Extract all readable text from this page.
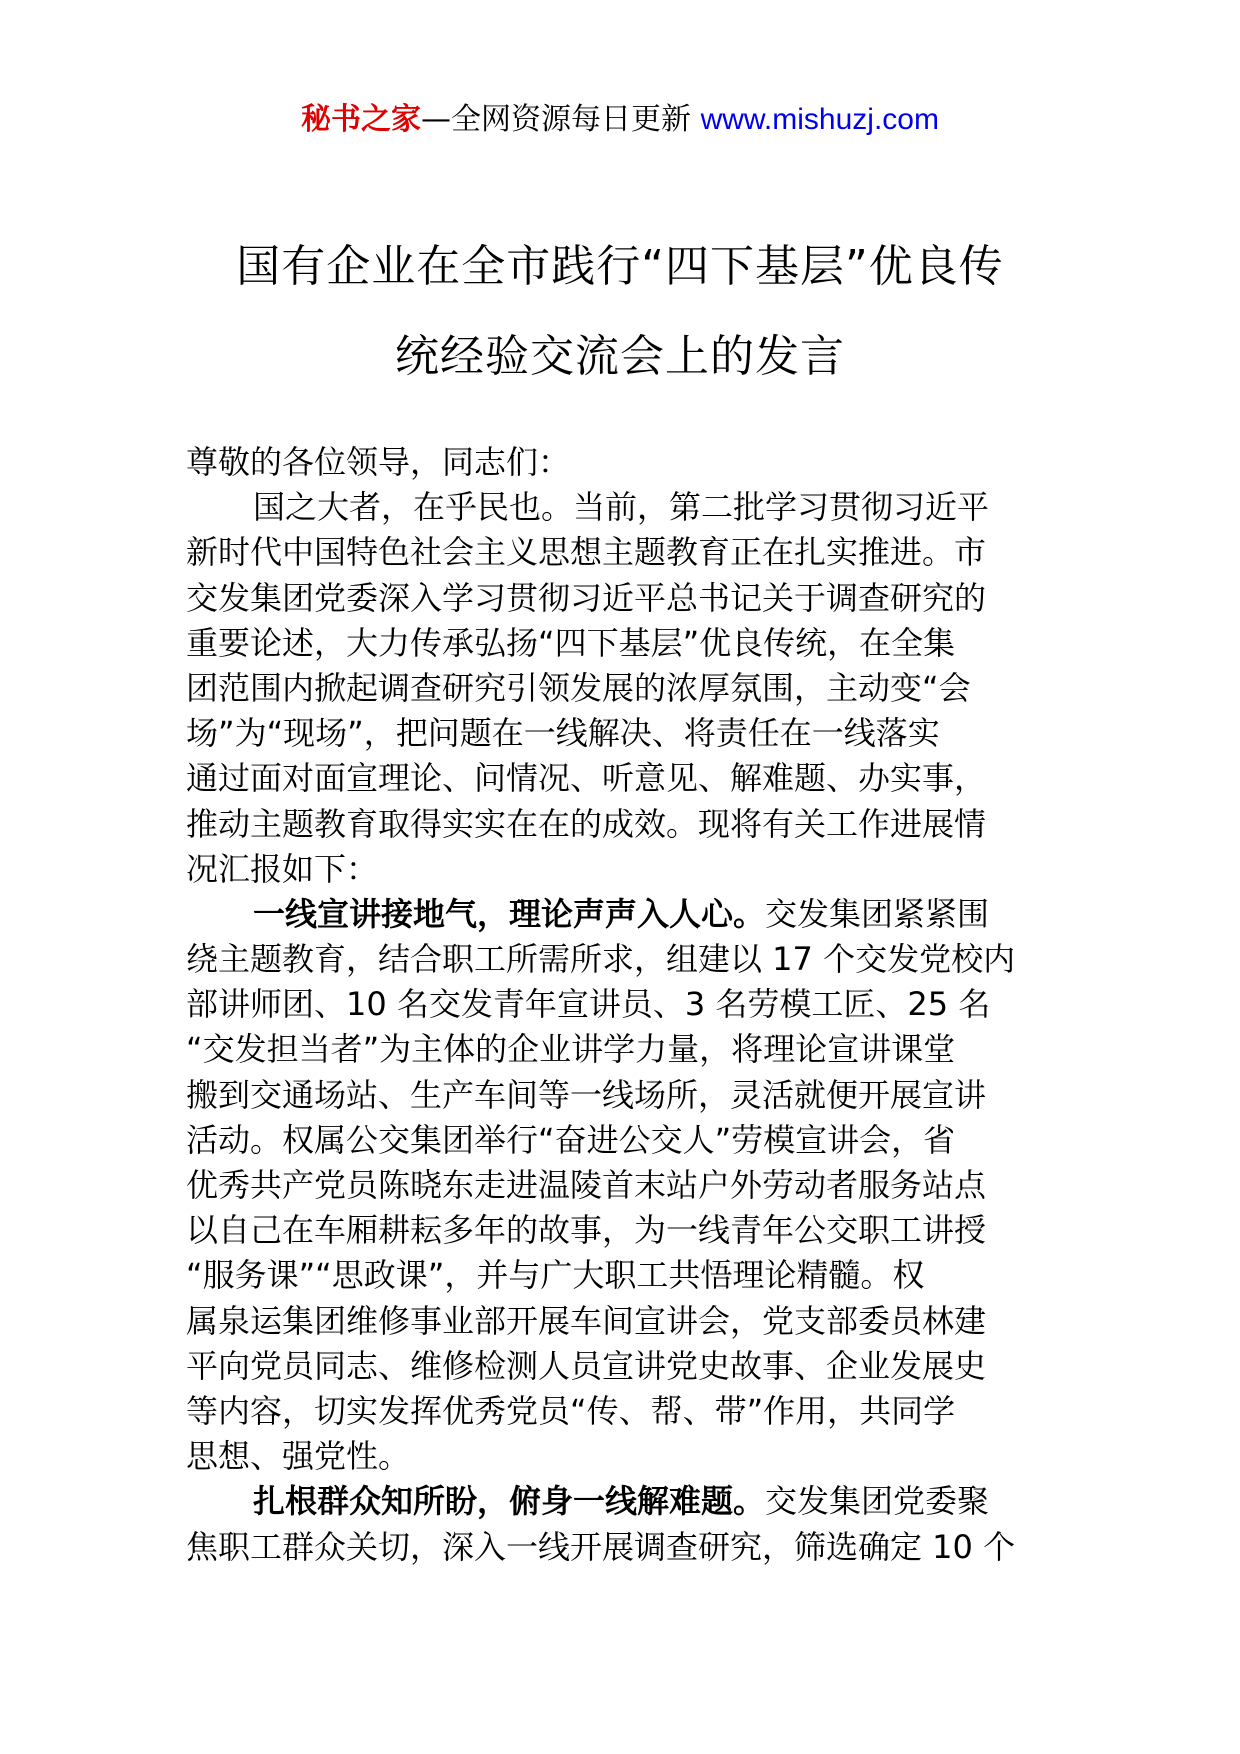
秘书之家—全网资源每日更新 www.mishuzj.com
国有企业在全市践行“四下基层”优良传
统经验交流会上的发言
尊敬的各位领导，同志们：
国之大者，在乎民也。当前，第二批学习贯彻习近平
新时代中国特色社会主义思想主题教育正在扎实推进。市
交发集团党委深入学习贯彻习近平总书记关于调查研究的
重要论述，大力传承弘扬“四下基层”优良传统，在全集
团范围内掀起调查研究引领发展的浓厚氛围，主动变“会
场”为“现场”，把问题在一线解决、将责任在一线落实
通过面对面宣理论、问情况、听意见、解难题、办实事，
推动主题教育取得实实在在的成效。现将有关工作进展情
况汇报如下：
一线宣讲接地气，理论声声入人心。交发集团紧紧围
绕主题教育，结合职工所需所求，组建以 17 个交发党校内
部讲师团、10 名交发青年宣讲员、3 名劳模工匠、25 名
“交发担当者”为主体的企业讲学力量，将理论宣讲课堂
搬到交通场站、生产车间等一线场所，灵活就便开展宣讲
活动。权属公交集团举行“奋进公交人”劳模宣讲会，省
优秀共产党员陈晓东走进温陵首末站户外劳动者服务站点
以自己在车厢耕耘多年的故事，为一线青年公交职工讲授
“服务课”“思政课”，并与广大职工共悟理论精髓。权
属泉运集团维修事业部开展车间宣讲会，党支部委员林建
平向党员同志、维修检测人员宣讲党史故事、企业发展史
等内容，切实发挥优秀党员“传、帮、带”作用，共同学
思想、强党性。
扎根群众知所盼，俯身一线解难题。交发集团党委聚
焦职工群众关切，深入一线开展调查研究，筛选确定 10 个
